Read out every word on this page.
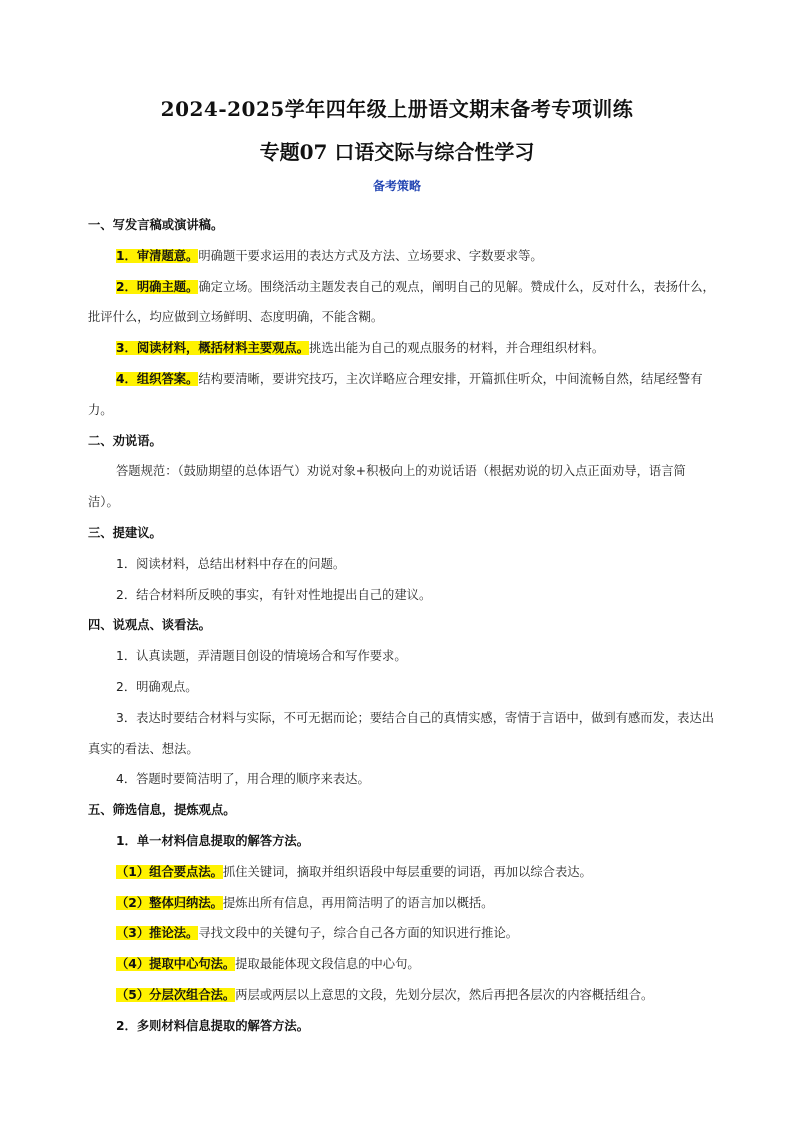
2024-2025学年四年级上册语文期末备考专项训练
专题07 口语交际与综合性学习
备考策略

一、写发言稿或演讲稿。

1．审清题意。明确题干要求运用的表达方式及方法、立场要求、字数要求等。

2．明确主题。确定立场。围绕活动主题发表自己的观点，阐明自己的见解。赞成什么，反对什么，表扬什么，批评什么，均应做到立场鲜明、态度明确，不能含糊。

3．阅读材料，概括材料主要观点。挑选出能为自己的观点服务的材料，并合理组织材料。

4．组织答案。结构要清晰，要讲究技巧，主次详略应合理安排，开篇抓住听众，中间流畅自然，结尾经警有力。

二、劝说语。

答题规范：（鼓励期望的总体语气）劝说对象+积极向上的劝说话语（根据劝说的切入点正面劝导，语言简洁）。

三、提建议。

1．阅读材料，总结出材料中存在的问题。

2．结合材料所反映的事实，有针对性地提出自己的建议。

四、说观点、谈看法。

1．认真读题，弄清题目创设的情境场合和写作要求。

2．明确观点。

3．表达时要结合材料与实际，不可无据而论；要结合自己的真情实感，寄情于言语中，做到有感而发，表达出真实的看法、想法。

4．答题时要简洁明了，用合理的顺序来表达。

五、筛选信息，提炼观点。

1．单一材料信息提取的解答方法。

（1）组合要点法。抓住关键词，摘取并组织语段中每层重要的词语，再加以综合表达。

（2）整体归纳法。提炼出所有信息，再用简洁明了的语言加以概括。

（3）推论法。寻找文段中的关键句子，综合自己各方面的知识进行推论。

（4）提取中心句法。提取最能体现文段信息的中心句。

（5）分层次组合法。两层或两层以上意思的文段，先划分层次，然后再把各层次的内容概括组合。

2．多则材料信息提取的解答方法。
